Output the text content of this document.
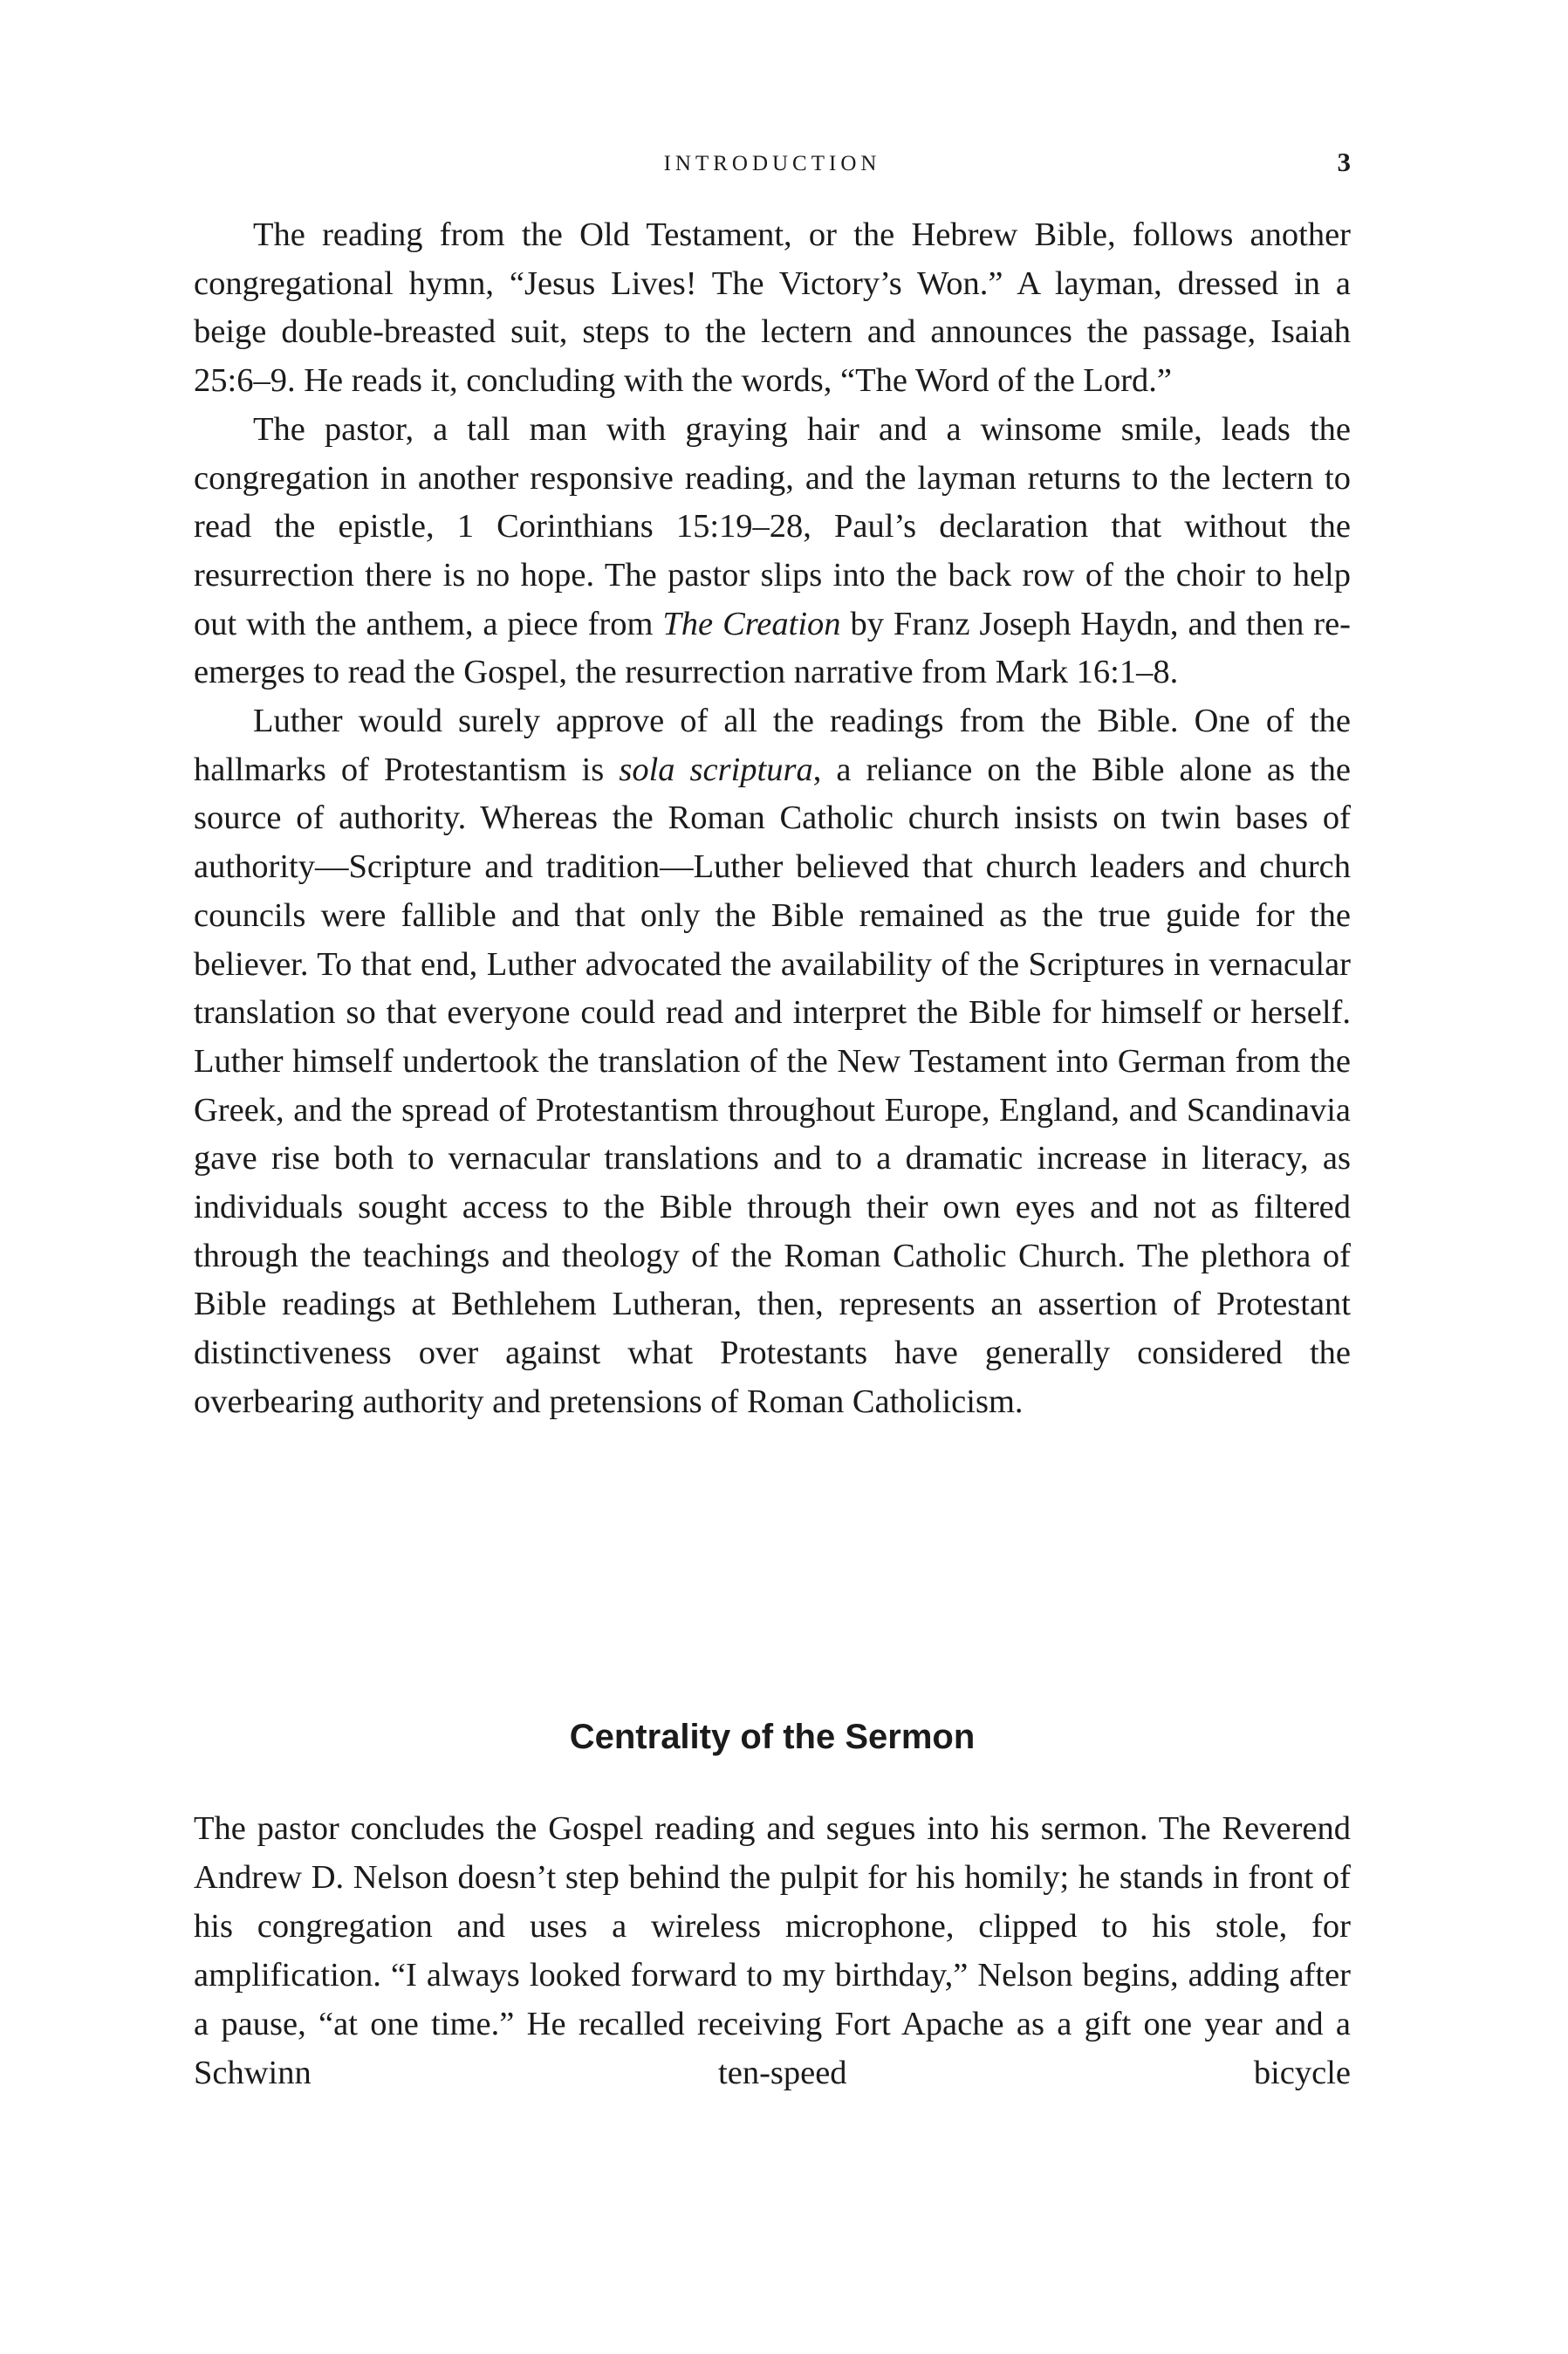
INTRODUCTION	3

The reading from the Old Testament, or the Hebrew Bible, follows another congregational hymn, “Jesus Lives! The Victory’s Won.” A layman, dressed in a beige double-breasted suit, steps to the lectern and announces the passage, Isaiah 25:6–9. He reads it, concluding with the words, “The Word of the Lord.”

The pastor, a tall man with graying hair and a winsome smile, leads the congregation in another responsive reading, and the layman returns to the lectern to read the epistle, 1 Corinthians 15:19–28, Paul’s declaration that without the resurrection there is no hope. The pastor slips into the back row of the choir to help out with the anthem, a piece from The Creation by Franz Joseph Haydn, and then re-emerges to read the Gospel, the resurrection narrative from Mark 16:1–8.

Luther would surely approve of all the readings from the Bible. One of the hallmarks of Protestantism is sola scriptura, a reliance on the Bible alone as the source of authority. Whereas the Roman Catholic church insists on twin bases of authority—Scripture and tradition—Luther believed that church leaders and church councils were fallible and that only the Bible remained as the true guide for the believer. To that end, Luther advocated the availability of the Scriptures in vernacular translation so that everyone could read and interpret the Bible for himself or herself. Luther himself undertook the translation of the New Testament into German from the Greek, and the spread of Protestantism throughout Europe, England, and Scandinavia gave rise both to vernacular translations and to a dramatic increase in literacy, as individuals sought access to the Bible through their own eyes and not as filtered through the teachings and theology of the Roman Catholic Church. The plethora of Bible readings at Bethlehem Lutheran, then, represents an assertion of Protestant distinctiveness over against what Protestants have generally considered the overbearing authority and pretensions of Roman Catholicism.

Centrality of the Sermon

The pastor concludes the Gospel reading and segues into his sermon. The Reverend Andrew D. Nelson doesn’t step behind the pulpit for his homily; he stands in front of his congregation and uses a wireless microphone, clipped to his stole, for amplification. “I always looked forward to my birthday,” Nelson begins, adding after a pause, “at one time.” He recalled receiving Fort Apache as a gift one year and a Schwinn ten-speed bicycle
